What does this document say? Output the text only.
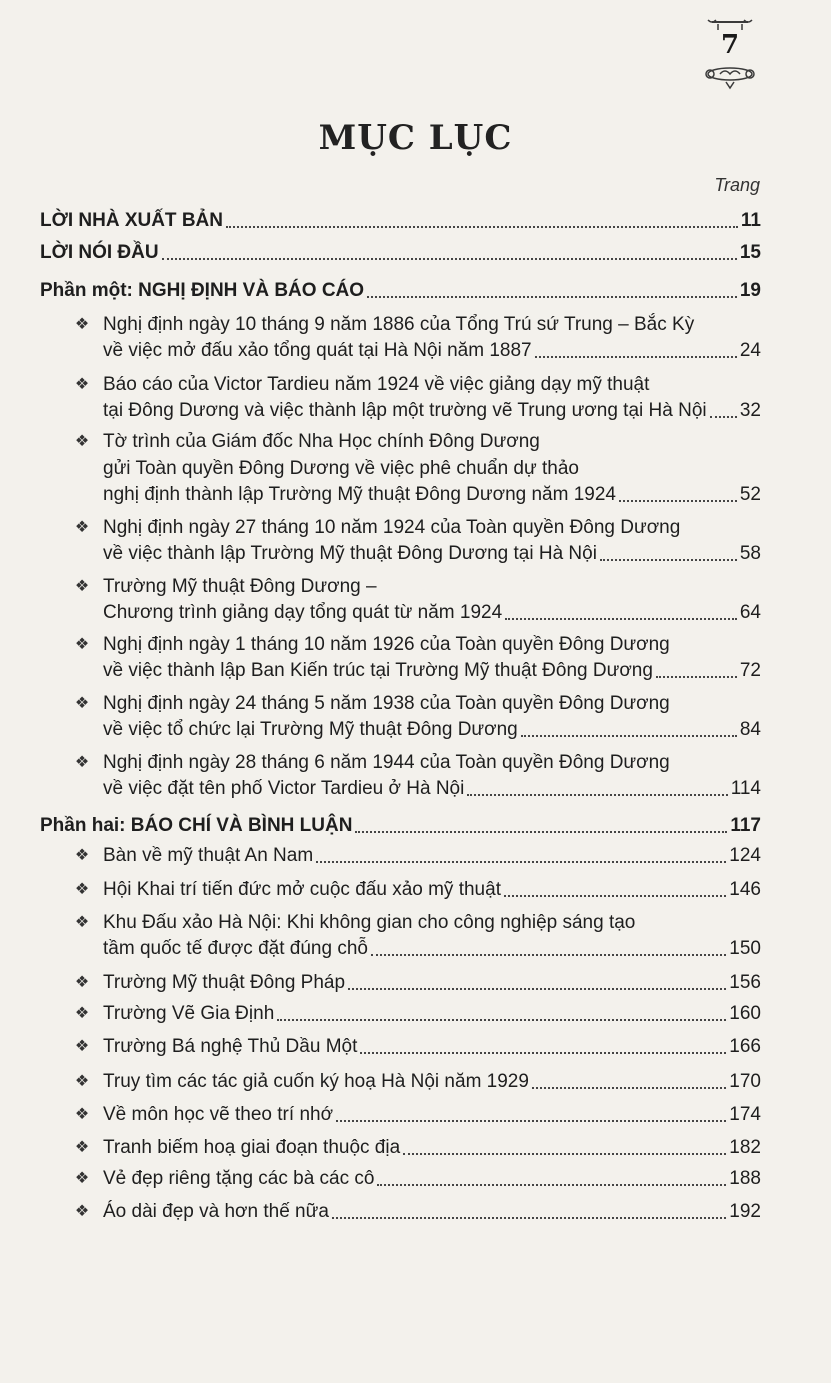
7
MỤC LỤC
Trang
LỜI NHÀ XUẤT BẢN	11
LỜI NÓI ĐẦU	15
Phần một: NGHỊ ĐỊNH VÀ BÁO CÁO	19
❖ Nghị định ngày 10 tháng 9 năm 1886 của Tổng Trú sứ Trung – Bắc Kỳ
về việc mở đấu xảo tổng quát tại Hà Nội năm 1887	24
❖ Báo cáo của Victor Tardieu năm 1924 về việc giảng dạy mỹ thuật
tại Đông Dương và việc thành lập một trường vẽ Trung ương tại Hà Nội 32
❖ Tờ trình của Giám đốc Nha Học chính Đông Dương
gửi Toàn quyền Đông Dương về việc phê chuẩn dự thảo
nghị định thành lập Trường Mỹ thuật Đông Dương năm 1924	52
❖ Nghị định ngày 27 tháng 10 năm 1924 của Toàn quyền Đông Dương
về việc thành lập Trường Mỹ thuật Đông Dương tại Hà Nội	58
❖ Trường Mỹ thuật Đông Dương –
Chương trình giảng dạy tổng quát từ năm 1924	64
❖ Nghị định ngày 1 tháng 10 năm 1926 của Toàn quyền Đông Dương
về việc thành lập Ban Kiến trúc tại Trường Mỹ thuật Đông Dương	72
❖ Nghị định ngày 24 tháng 5 năm 1938 của Toàn quyền Đông Dương
về việc tổ chức lại Trường Mỹ thuật Đông Dương	84
❖ Nghị định ngày 28 tháng 6 năm 1944 của Toàn quyền Đông Dương
về việc đặt tên phố Victor Tardieu ở Hà Nội	114
Phần hai: BÁO CHÍ VÀ BÌNH LUẬN	117
❖ Bàn về mỹ thuật An Nam	124
❖ Hội Khai trí tiến đức mở cuộc đấu xảo mỹ thuật	146
❖ Khu Đấu xảo Hà Nội: Khi không gian cho công nghiệp sáng tạo
tầm quốc tế được đặt đúng chỗ	150
❖ Trường Mỹ thuật Đông Pháp	156
❖ Trường Vẽ Gia Định	160
❖ Trường Bá nghệ Thủ Dầu Một	166
❖ Truy tìm các tác giả cuốn ký hoạ Hà Nội năm 1929	170
❖ Về môn học vẽ theo trí nhớ	174
❖ Tranh biếm hoạ giai đoạn thuộc địa	182
❖ Vẻ đẹp riêng tặng các bà các cô	188
❖ Áo dài đẹp và hơn thế nữa	192
